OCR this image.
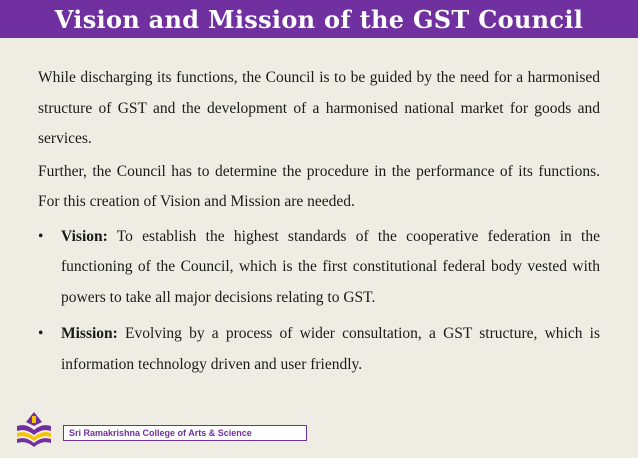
Vision and Mission of the GST Council

While discharging its functions, the Council is to be guided by the need for a harmonised structure of GST and the development of a harmonised national market for goods and services.

Further, the Council has to determine the procedure in the performance of its functions. For this creation of Vision and Mission are needed.

• Vision: To establish the highest standards of the cooperative federation in the functioning of the Council, which is the first constitutional federal body vested with powers to take all major decisions relating to GST.
• Mission: Evolving by a process of wider consultation, a GST structure, which is information technology driven and user friendly.
Sri Ramakrishna College of Arts & Science
